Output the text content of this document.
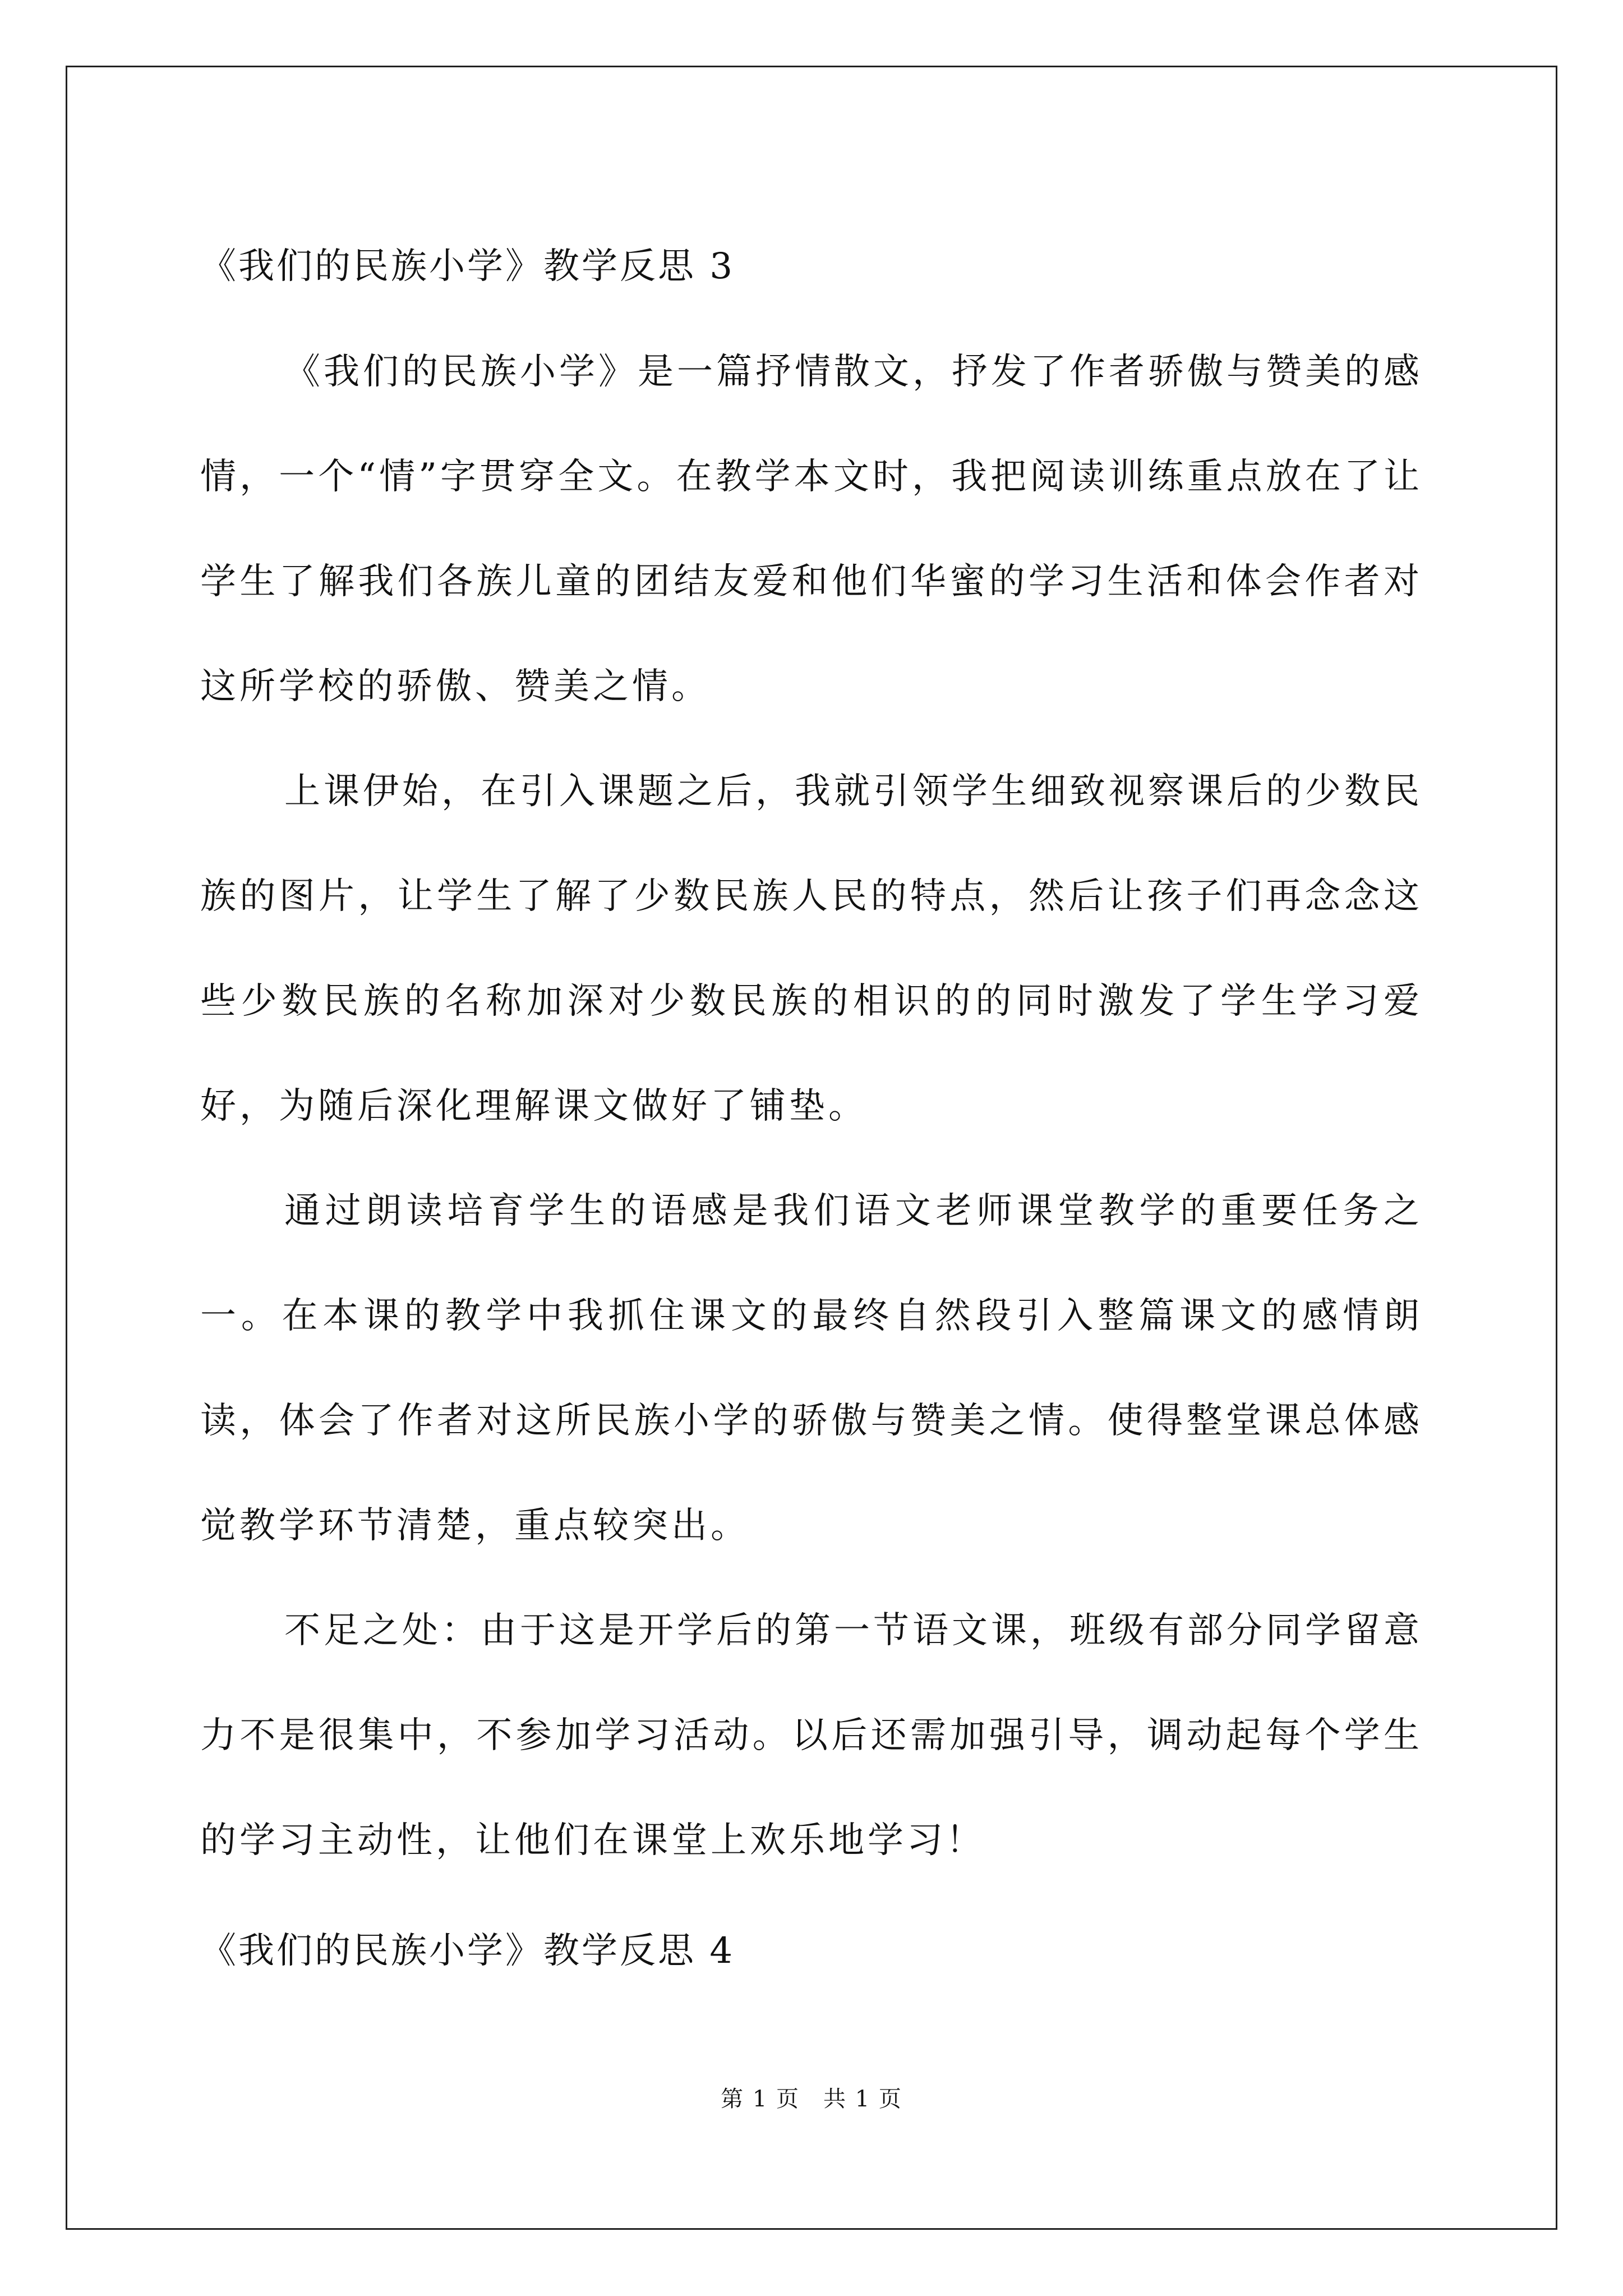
《我们的民族小学》教学反思 3

《我们的民族小学》是一篇抒情散文，抒发了作者骄傲与赞美的感情，一个“情”字贯穿全文。在教学本文时，我把阅读训练重点放在了让学生了解我们各族儿童的团结友爱和他们华蜜的学习生活和体会作者对这所学校的骄傲、赞美之情。

上课伊始，在引入课题之后，我就引领学生细致视察课后的少数民族的图片，让学生了解了少数民族人民的特点，然后让孩子们再念念这些少数民族的名称加深对少数民族的相识的的同时激发了学生学习爱好，为随后深化理解课文做好了铺垫。

通过朗读培育学生的语感是我们语文老师课堂教学的重要任务之一。在本课的教学中我抓住课文的最终自然段引入整篇课文的感情朗读，体会了作者对这所民族小学的骄傲与赞美之情。使得整堂课总体感觉教学环节清楚，重点较突出。

不足之处：由于这是开学后的第一节语文课，班级有部分同学留意力不是很集中，不参加学习活动。以后还需加强引导，调动起每个学生的学习主动性，让他们在课堂上欢乐地学习！

《我们的民族小学》教学反思 4
第 1 页　共 1 页
